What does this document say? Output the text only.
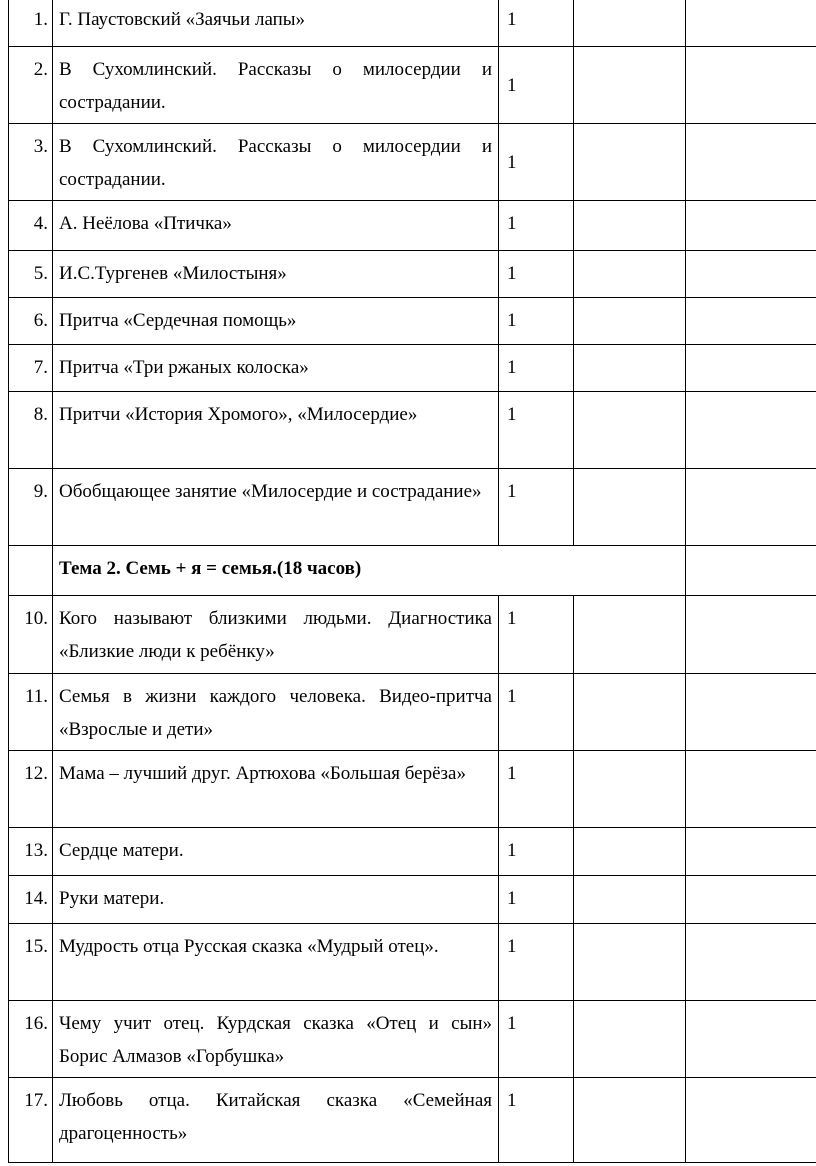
1.	Г. Паустовский «Заячьи лапы»	1		
2.	В Сухомлинский. Рассказы о милосердии и сострадании.	1		
3.	В Сухомлинский. Рассказы о милосердии и сострадании.	1		
4.	А. Неёлова «Птичка»	1		
5.	И.С.Тургенев «Милостыня»	1		
6.	Притча «Сердечная помощь»	1		
7.	Притча «Три ржаных колоска»	1		
8.	Притчи «История Хромого», «Милосердие»	1		
9.	Обобщающее занятие «Милосердие и сострадание»	1		
	Тема 2. Семь + я = семья.(18 часов)			
10.	Кого называют близкими людьми. Диагностика «Близкие люди к ребёнку»	1		
11.	Семья в жизни каждого человека. Видео-притча «Взрослые и дети»	1		
12.	Мама – лучший друг. Артюхова «Большая берёза»	1		
13.	Сердце матери.	1		
14.	Руки матери.	1		
15.	Мудрость отца Русская сказка «Мудрый отец».	1		
16.	Чему учит отец. Курдская сказка «Отец и сын» Борис Алмазов «Горбушка»	1		
17.	Любовь отца. Китайская сказка «Семейная драгоценность»	1		
